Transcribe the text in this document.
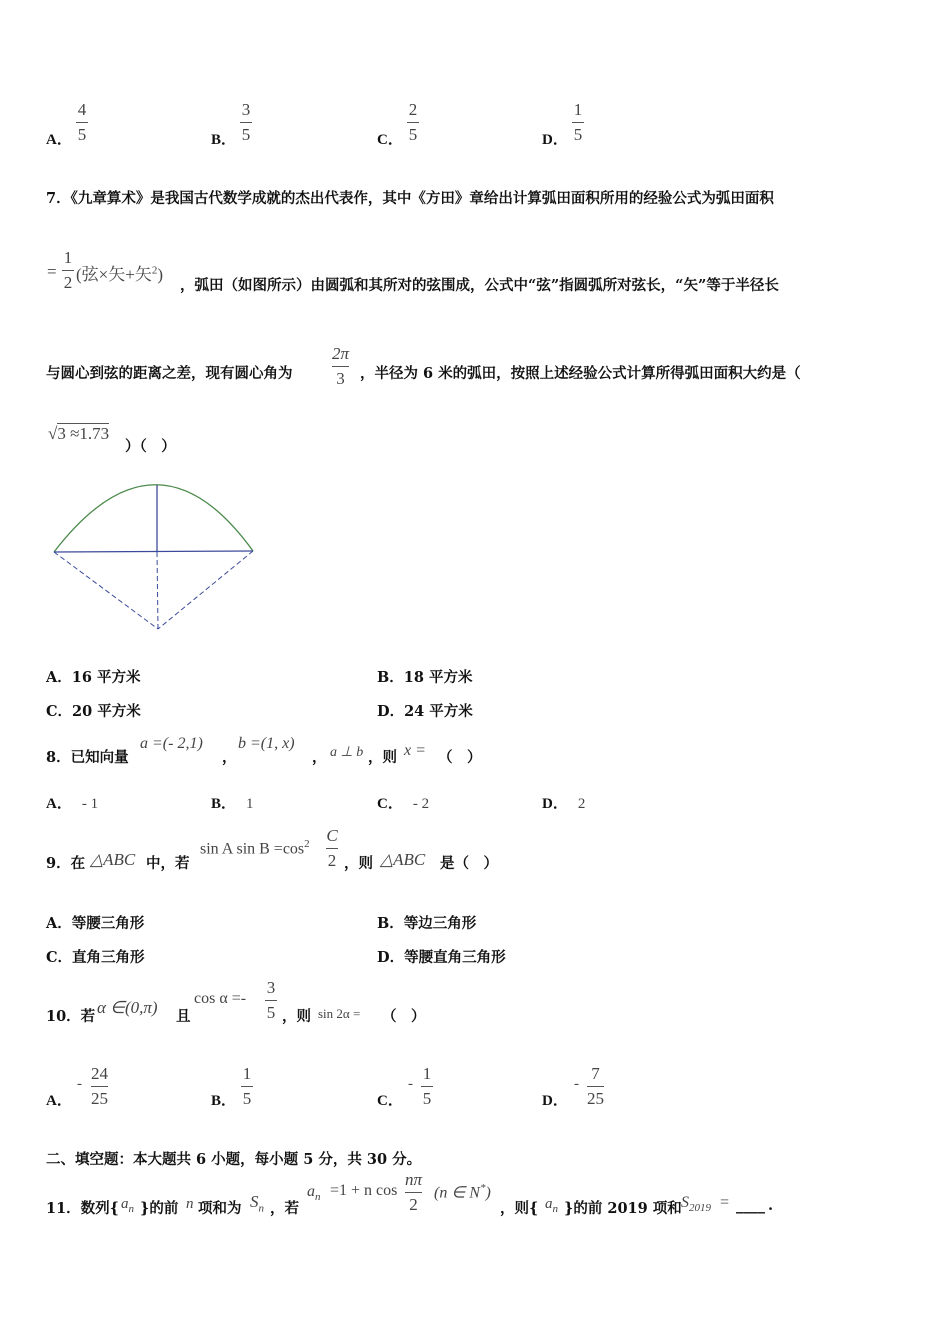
A．
4
5	B．
3
5	C．
2
5	D．
1
5
7．《九章算术》是我国古代数学成就的杰出代表作，其中《方田》章给出计算弧田面积所用的经验公式为弧田面积
=
1
2 (弦×矢+矢$^2$)
，弧田（如图所示）由圆弧和其所对的弦围成，公式中“弦”指圆弧所对弦长，“矢”等于半径长
与圆心到弦的距离之差，现有圆心角为
2π
3 ，半径为 6 米的弧田，按照上述经验公式计算所得弧田面积大约是（
√3 ≈1.73
）（　）
A．16 平方米	B．18 平方米
C．20 平方米	D．24 平方米
8．已知向量
a =(- 2,1)
，
b =(1, x)
， a ⊥ b ，则 x = （　）
A． - 1	B． 1	C． - 2	D． 2
9．在 △ABC 中，若
sin A $\sin B =\cos^2$ C
2 ，则 △ABC 是（　）
A．等腰三角形	B．等边三角形
C．直角三角形	D．等腰直角三角形
10．若 α ∈(0,π) 且
cos α =-
3
5 ，则 sin 2α = （　）
A．
-
24
25	B．
1
5	C．
-
1
5	D．
-
7
25
二、填空题：本大题共 6 小题，每小题 5 分，共 30 分。
11．数列{ $a_n$ }的前 n 项和为 $S_n$ ，若
$a_n =1 + n$ cos
nπ
2
(n ∈ N*)
，则{ $a_n$ }的前 2019 项和 $S_{2019}$ = ____ .
